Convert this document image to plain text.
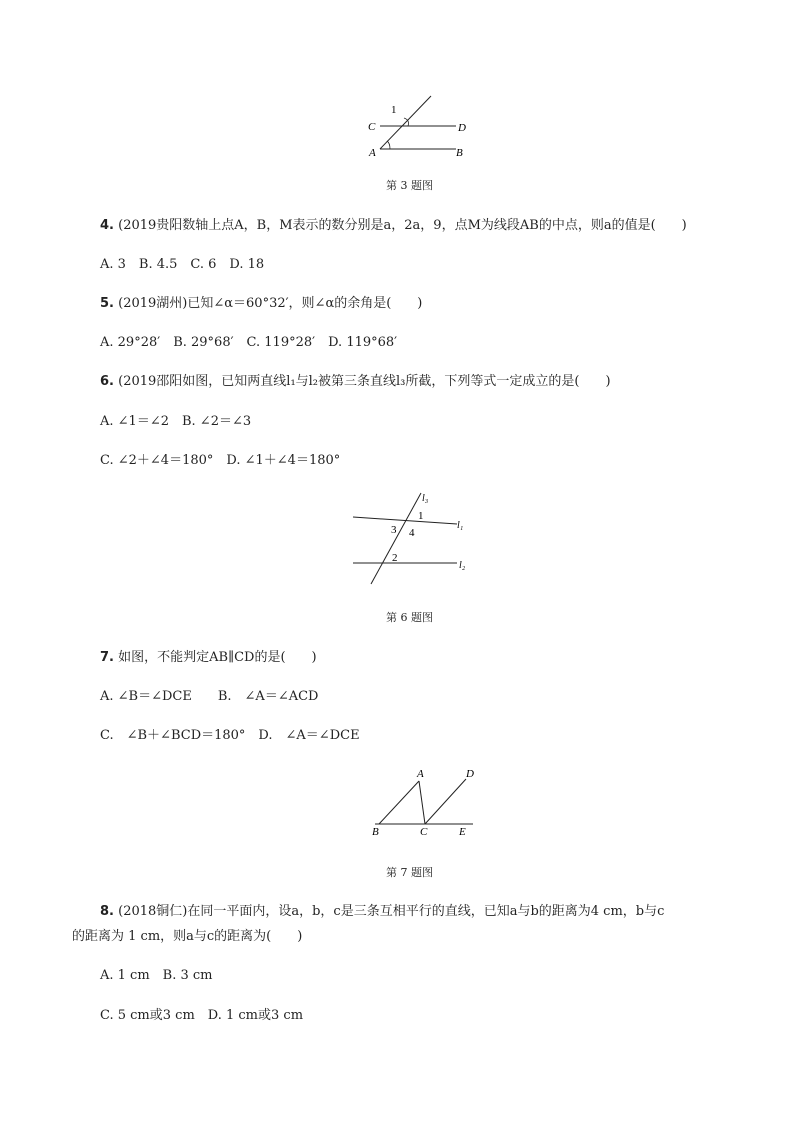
1
C	D
A	B
第 3 题图
4. (2019贵阳数轴上点A，B，M表示的数分别是a，2a，9，点M为线段AB的中点，则a的值是(　　)
A. 3　B. 4.5　C. 6　D. 18
5. (2019湖州)已知∠α＝60°32′，则∠α的余角是(　　)
A. 29°28′　B. 29°68′　C. 119°28′　D. 119°68′
6. (2019邵阳如图，已知两直线l₁与l₂被第三条直线l₃所截，下列等式一定成立的是(　　)
A. ∠1＝∠2　B. ∠2＝∠3
C. ∠2＋∠4＝180°　D. ∠1＋∠4＝180°
l₃
1
l₁
3 4
2
l₂
第 6 题图
7. 如图，不能判定AB∥CD的是(　　)
A. ∠B＝∠DCE　　B.　∠A＝∠ACD
C.　∠B＋∠BCD＝180°　D.　∠A＝∠DCE
A	D
B	C	E
第 7 题图
8. (2018铜仁)在同一平面内，设a，b，c是三条互相平行的直线，已知a与b的距离为4 cm，b与c
的距离为 1 cm，则a与c的距离为(　　)
A. 1 cm　B. 3 cm
C. 5 cm或3 cm　D. 1 cm或3 cm
